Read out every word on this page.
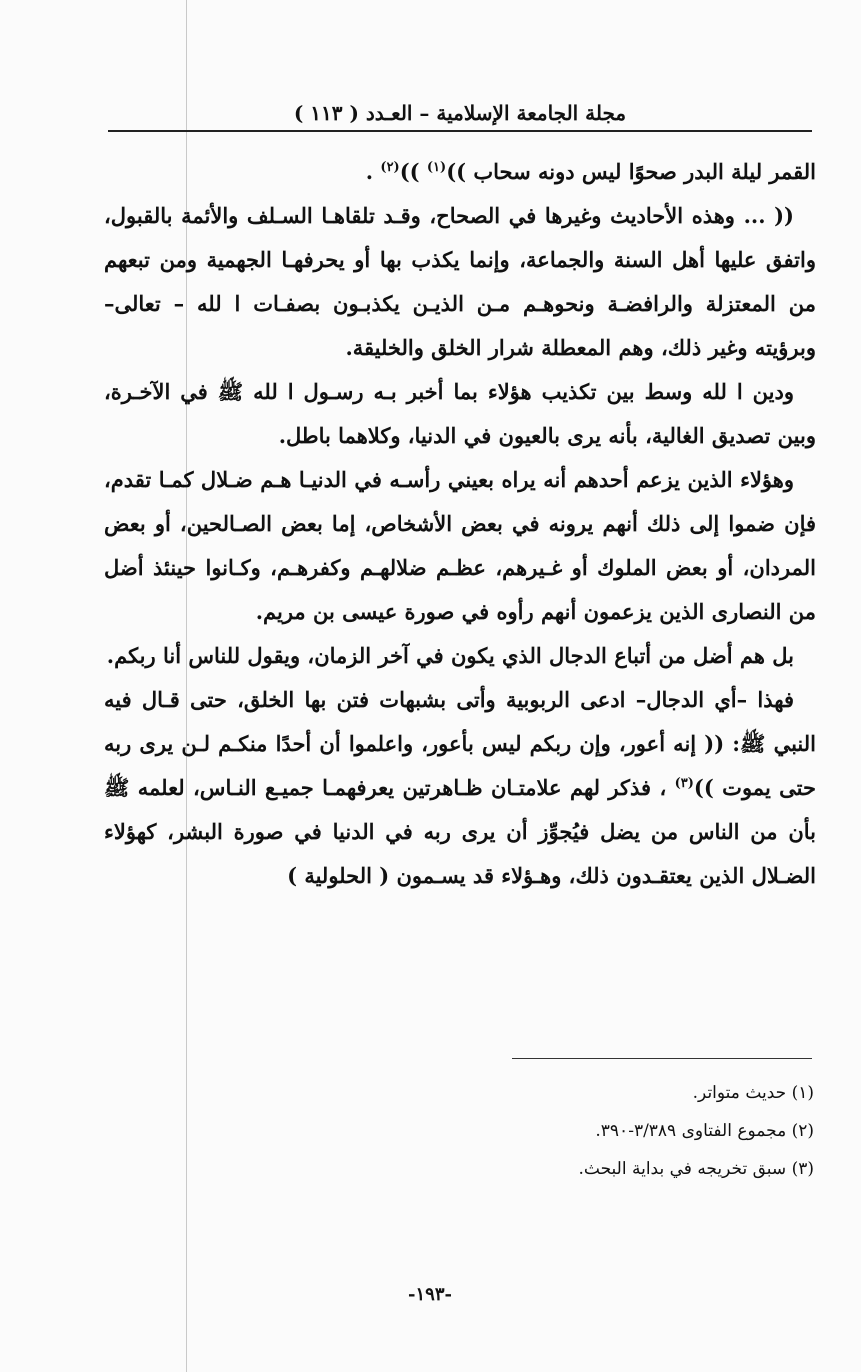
مجلة الجامعة الإسلامية – العـدد ( ١١٣ )

القمر ليلة البدر صحوًا ليس دونه سحاب ))$^{(١)}$ ))$^{(٢)}$ .

(( ... وهذه الأحاديث وغيرها في الصحاح، وقـد تلقاهـا السـلف والأئمة بالقبول، واتفق عليها أهل السنة والجماعة، وإنما يكذب بها أو يحرفهـا الجهمية ومن تبعهم من المعتزلة والرافضـة ونحوهـم مـن الذيـن يكذبـون بصفـات ا لله – تعالى– وبرؤيته وغير ذلك، وهم المعطلة شرار الخلق والخليقة.

ودين ا لله وسط بين تكذيب هؤلاء بما أخبر بـه رسـول ا لله ﷺ في الآخـرة، وبين تصديق الغالية، بأنه يرى بالعيون في الدنيا، وكلاهما باطل.

وهؤلاء الذين يزعم أحدهم أنه يراه بعيني رأسـه في الدنيـا هـم ضـلال كمـا تقدم، فإن ضموا إلى ذلك أنهم يرونه في بعض الأشخاص، إما بعض الصـالحين، أو بعض المردان، أو بعض الملوك أو غـيرهم، عظـم ضلالهـم وكفرهـم، وكـانوا حينئذ أضل من النصارى الذين يزعمون أنهم رأوه في صورة عيسى بن مريم.

بل هم أضل من أتباع الدجال الذي يكون في آخر الزمان، ويقول للناس أنا ربكم.

فهذا –أي الدجال– ادعى الربوبية وأتى بشبهات فتن بها الخلق، حتى قـال فيه النبي ﷺ: (( إنه أعور، وإن ربكم ليس بأعور، واعلموا أن أحدًا منكـم لـن يرى ربه حتى يموت ))$^{(٣)}$ ، فذكر لهم علامتـان ظـاهرتين يعرفهمـا جميـع النـاس، لعلمه ﷺ بأن من الناس من يضل فيُجوِّز أن يرى ربه في الدنيا في صورة البشر، كهؤلاء الضـلال الذين يعتقـدون ذلك، وهـؤلاء قد يسـمون ( الحلولية )

(١) حديث متواتر.
(٢) مجموع الفتاوى ٣/٣٨٩-٣٩٠.
(٣) سبق تخريجه في بداية البحث.
-١٩٣-
